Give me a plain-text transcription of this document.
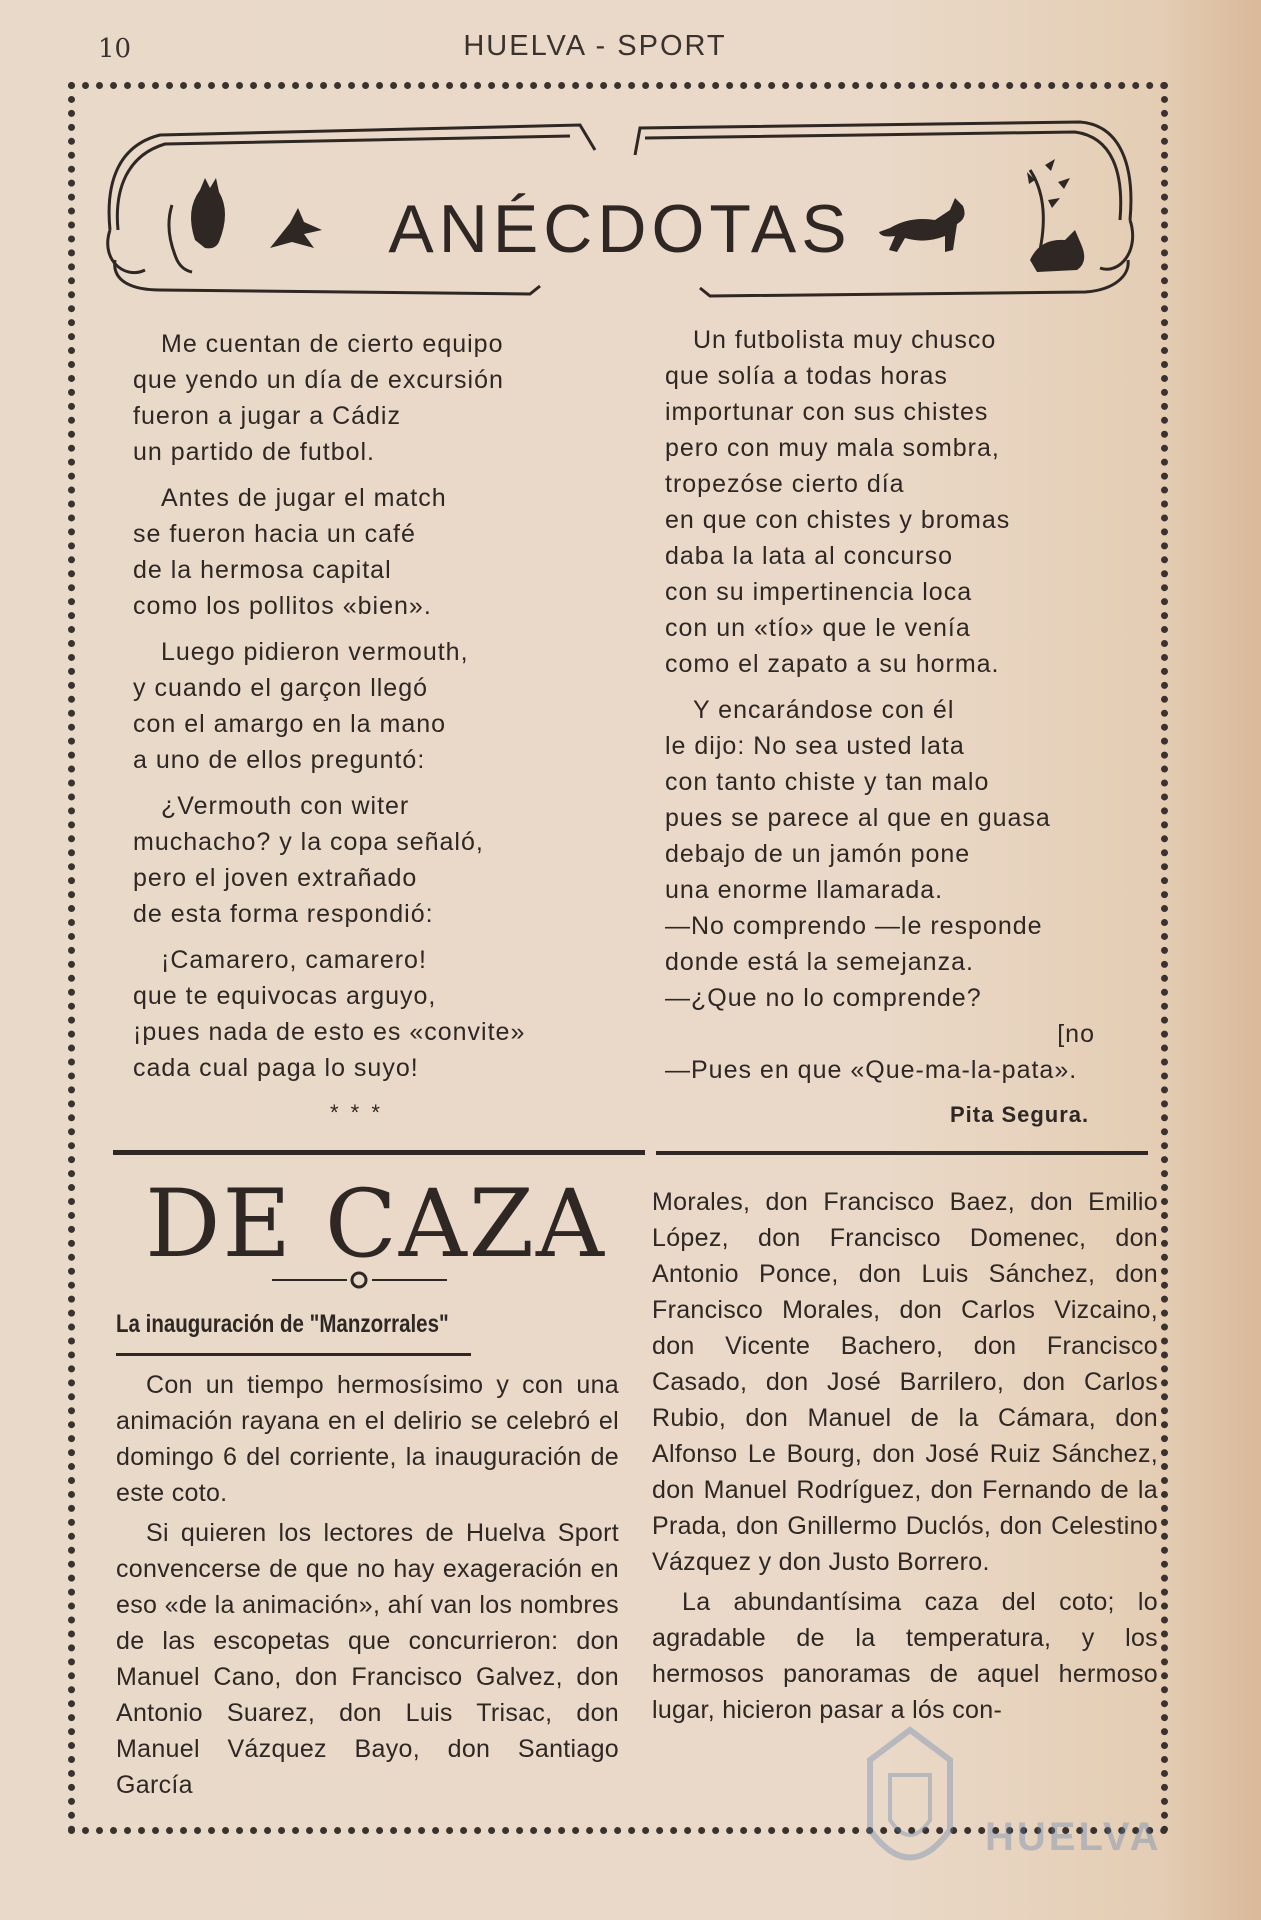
10	HUELVA - SPORT
ANÉCDOTAS
Me cuentan de cierto equipo
que yendo un día de excursión
fueron a jugar a Cádiz
un partido de futbol.
Antes de jugar el match
se fueron hacia un café
de la hermosa capital
como los pollitos «bien».
Luego pidieron vermouth,
y cuando el garçon llegó
con el amargo en la mano
a uno de ellos preguntó:
¿Vermouth con witer
muchacho? y la copa señaló,
pero el joven extrañado
de esta forma respondió:
¡Camarero, camarero!
que te equivocas arguyo,
¡pues nada de esto es «convite»
cada cual paga lo suyo!
* * *
Un futbolista muy chusco
que solía a todas horas
importunar con sus chistes
pero con muy mala sombra,
tropezóse cierto día
en que con chistes y bromas
daba la lata al concurso
con su impertinencia loca
con un «tío» que le venía
como el zapato a su horma.
Y encarándose con él
le dijo: No sea usted lata
con tanto chiste y tan malo
pues se parece al que en guasa
debajo de un jamón pone
una enorme llamarada.
—No comprendo —le responde
donde está la semejanza.
—¿Que no lo comprende?
[no
—Pues en que «Que-ma-la-pata».
Pita Segura.
DE CAZA
La inauguración de "Manzorrales"

Con un tiempo hermosísimo y con una animación rayana en el delirio se celebró el domingo 6 del corriente, la inauguración de este coto.

Si quieren los lectores de Huelva Sport convencerse de que no hay exageración en eso «de la animación», ahí van los nombres de las escopetas que concurrieron: don Manuel Cano, don Francisco Galvez, don Antonio Suarez, don Luis Trisac, don Manuel Vázquez Bayo, don Santiago García

Morales, don Francisco Baez, don Emilio López, don Francisco Domenec, don Antonio Ponce, don Luis Sánchez, don Francisco Morales, don Carlos Vizcaino, don Vicente Bachero, don Francisco Casado, don José Barrilero, don Carlos Rubio, don Manuel de la Cámara, don Alfonso Le Bourg, don José Ruiz Sánchez, don Manuel Rodríguez, don Fernando de la Prada, don Gnillermo Duclós, don Celestino Vázquez y don Justo Borrero.

La abundantísima caza del coto; lo agradable de la temperatura, y los hermosos panoramas de aquel hermoso lugar, hicieron pasar a lós con-

HUELVA
